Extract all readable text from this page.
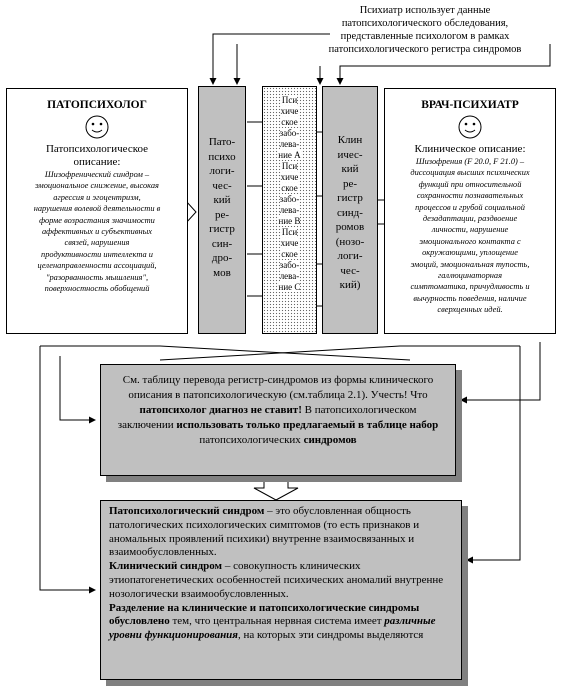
Психиатр использует данные
патопсихологического обследования,
представленные психологом в рамках
патопсихологического регистра синдромов
ПАТОПСИХОЛОГ
Патопсихологическое
описание:
Шизофренический синдром –
эмоциональное снижение, высокая
агрессия и эгоцентризм,
нарушения волевой деятельности в
форме возрастания значимости
аффективных и субъективных
связей, нарушения
продуктивности интеллекта и
целенаправленности ассоциаций,
"разорванность мышления",
поверхностность обобщений
Пато-
психо
логи-
чес-
кий
ре-
гистр
син-
дро-
мов
Пси
хиче
ское
забо-
лева-
ние А
Пси
хиче
ское
забо-
лева-
ние В
Пси
хиче
ское
забо-
лева-
ние С
Клин
ичес-
кий
ре-
гистр
синд-
ромов
(нозо-
логи-
чес-
кий)
ВРАЧ-ПСИХИАТР
Клиническое описание:
Шизофрения (F 20.0, F 21.0) –
диссоциация высших психических
функций при относительной
сохранности познавательных
процессов и грубой социальной
дезадаптации, раздвоение
личности, нарушение
эмоционального контакта с
окружающими, уплощение
эмоций, эмоциональная тупость,
галлюцинаторная
симптоматика, причудливость и
вычурность поведения, наличие
сверхценных идей.
См. таблицу перевода регистр-синдромов из формы клинического описания в патопсихологическую (см.таблица 2.1). Учесть! Что патопсихолог диагноз не ставит! В патопсихологическом заключении использовать только предлагаемый в таблице набор патопсихологических синдромов

Патопсихологический синдром – это обусловленная общность патологических психологических симптомов (то есть признаков и аномальных проявлений психики) внутренне взаимосвязанных и взаимообусловленных.

Клинический синдром – совокупность клинических этиопатогенетических особенностей психических аномалий внутренне нозологически взаимообусловленных.

Разделение на клинические и патопсихологические синдромы обусловлено тем, что центральная нервная система имеет различные уровни функционирования, на которых эти синдромы выделяются
